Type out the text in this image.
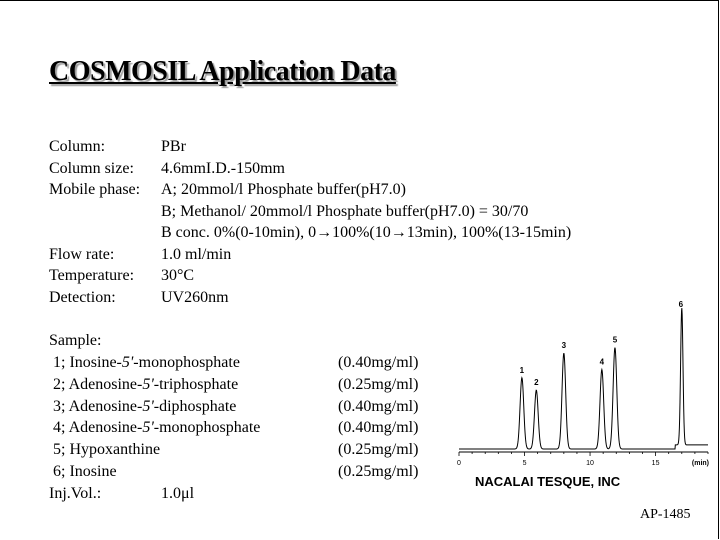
COSMOSIL Application Data
Column:	PBr
Column size: 4.6mmI.D.-150mm
Mobile phase: A; 20mmol/l Phosphate buffer(pH7.0)
B; Methanol/ 20mmol/l Phosphate buffer(pH7.0) = 30/70
B conc. 0%(0-10min), 0→100%(10→13min), 100%(13-15min)
Flow rate:	1.0 ml/min
Temperature: 30°C
Detection:	UV260nm
Sample:
1; Inosine-5'-monophosphate	(0.40mg/ml)
2; Adenosine-5'-triphosphate	(0.25mg/ml)
3; Adenosine-5'-diphosphate	(0.40mg/ml)
4; Adenosine-5'-monophosphate	(0.40mg/ml)
5; Hypoxanthine	(0.25mg/ml)
6; Inosine	(0.25mg/ml)
Inj.Vol.:	1.0μl
0	5	10	15	(min)
1
2
3
4
5
6
NACALAI TESQUE, INC
AP-1485
